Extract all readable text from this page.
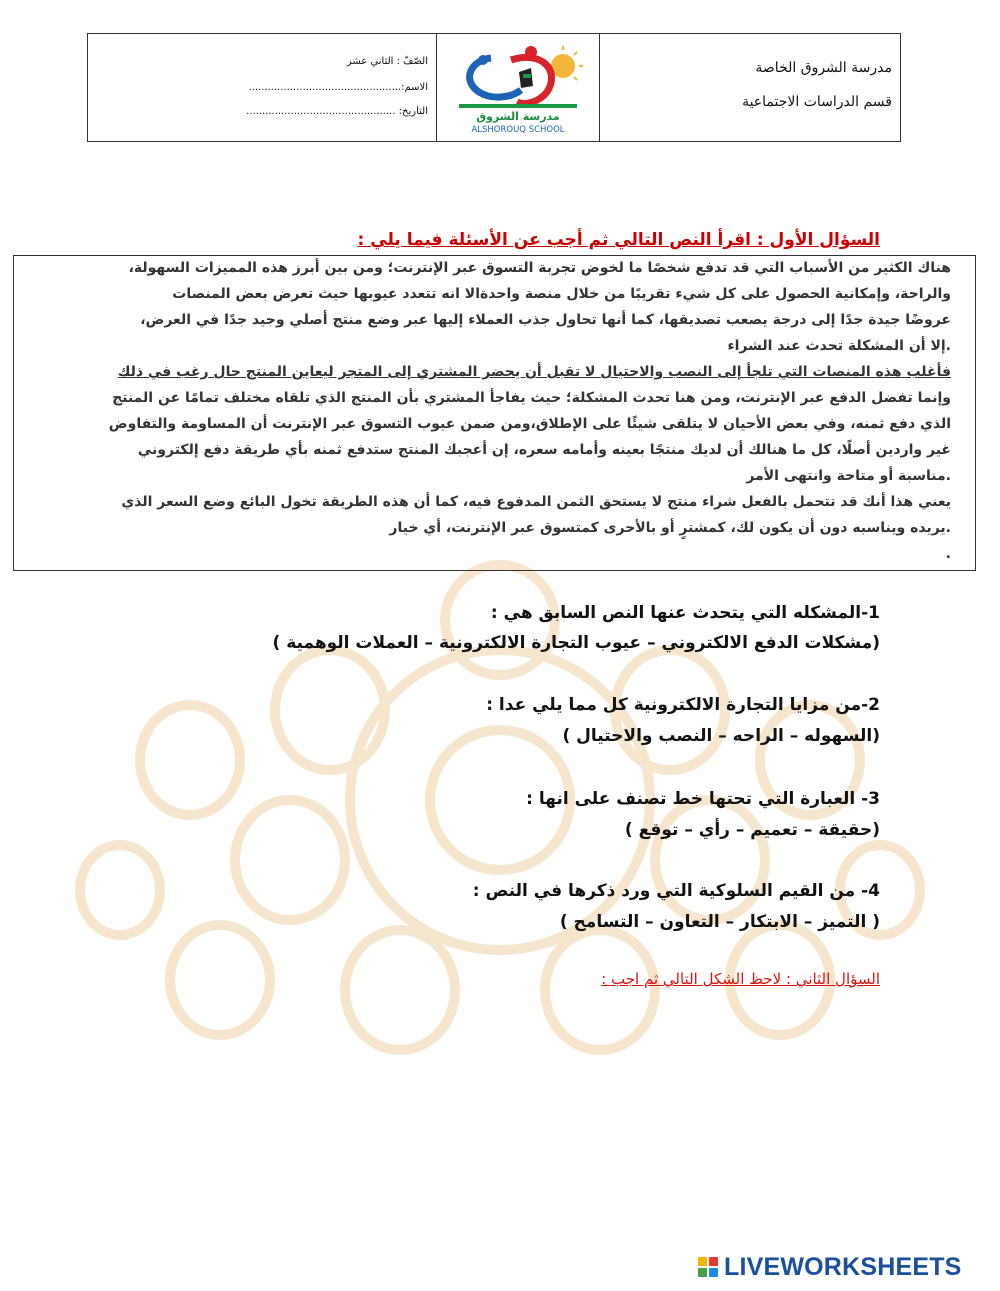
الصّفّ : الثاني عشر
الاسم:................................................
التاريخ: ...............................................	مدرسة الشروق
ALSHOROUQ SCHOOL
مدرسة الشروق الخاصة
قسم الدراسات الاجتماعية
السؤال الأول : اقرأ النص التالي ثم أجب عن الأسئلة فيما يلي :
هناك الكثير من الأسباب التي قد تدفع شخصًا ما لخوض تجربة التسوق عبر الإنترنت؛ ومن بين أبرز هذه المميزات السهولة،
والراحة، وإمكانية الحصول على كل شيء تقريبًا من خلال منصة واحدةالا انه تتعدد عيوبها حيث تعرض بعض المنصات
عروضًا جيدة جدًا إلى درجة يصعب تصديقها، كما أنها تحاول جذب العملاء إليها عبر وضع منتج أصلي وجيد جدًا في العرض،
.إلا أن المشكلة تحدث عند الشراء
فأغلب هذه المنصات التي تلجأ إلى النصب والاحتيال لا تقبل أن يحضر المشتري إلى المتجر ليعاين المنتج حال رغب في ذلك
وإنما تفضل الدفع عبر الإنترنت، ومن هنا تحدث المشكلة؛ حيث يفاجأ المشتري بأن المنتج الذي تلقاه مختلف تمامًا عن المنتج
الذي دفع ثمنه، وفي بعض الأحيان لا يتلقى شيئًا على الإطلاق،ومن ضمن عيوب التسوق عبر الإنترنت أن المساومة والتفاوض
غير واردين أصلًا، كل ما هنالك أن لديك منتجًا بعينه وأمامه سعره، إن أعجبك المنتج ستدفع ثمنه بأي طريقة دفع إلكتروني
.مناسبة أو متاحة وانتهى الأمر
يعني هذا أنك قد تتحمل بالفعل شراء منتج لا يستحق الثمن المدفوع فيه، كما أن هذه الطريقة تخول البائع وضع السعر الذي
.يريده ويناسبه دون أن يكون لك، كمشترٍ أو بالأحرى كمتسوق عبر الإنترنت، أي خيار
.
1-المشكله التي يتحدث عنها النص السابق هي :
(مشكلات الدفع الالكتروني – عيوب التجارة الالكترونية – العملات الوهمية )
2-من مزايا التجارة الالكترونية كل مما يلي عدا :
(السهوله – الراحه – النصب والاحتيال )
3- العبارة التي تحتها خط تصنف على انها :
(حقيقة – تعميم – رأي – توقع )
4- من القيم السلوكية التي ورد ذكرها في النص :
( التميز – الابتكار – التعاون – التسامح )
السؤال الثاني : لاحظ الشكل التالي ثم اجب :
LIVEWORKSHEETS
